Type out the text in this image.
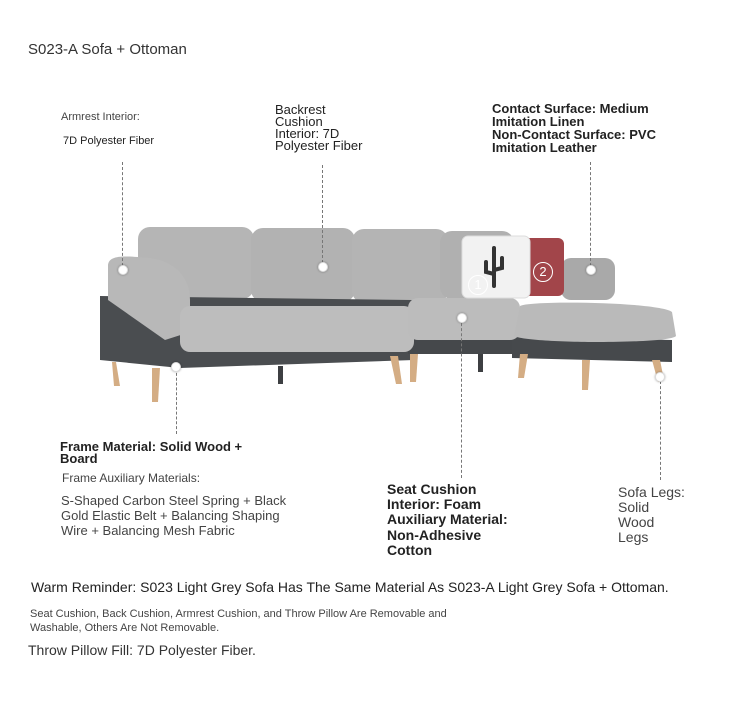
S023-A Sofa + Ottoman
1
2
Armrest Interior:
7D Polyester Fiber
Backrest
Cushion
Interior: 7D
Polyester Fiber
Contact Surface: Medium
Imitation Linen
Non-Contact Surface: PVC
Imitation Leather
Frame Material: Solid Wood +
Board
Frame Auxiliary Materials:
S-Shaped Carbon Steel Spring + Black
Gold Elastic Belt + Balancing Shaping
Wire + Balancing Mesh Fabric
Seat Cushion
Interior: Foam
Auxiliary Material:
Non-Adhesive
Cotton
Sofa Legs:
Solid
Wood
Legs
Warm Reminder: S023 Light Grey Sofa Has The Same Material As S023-A Light Grey Sofa + Ottoman.
Seat Cushion, Back Cushion, Armrest Cushion, and Throw Pillow Are Removable and
Washable, Others Are Not Removable.
Throw Pillow Fill: 7D Polyester Fiber.
